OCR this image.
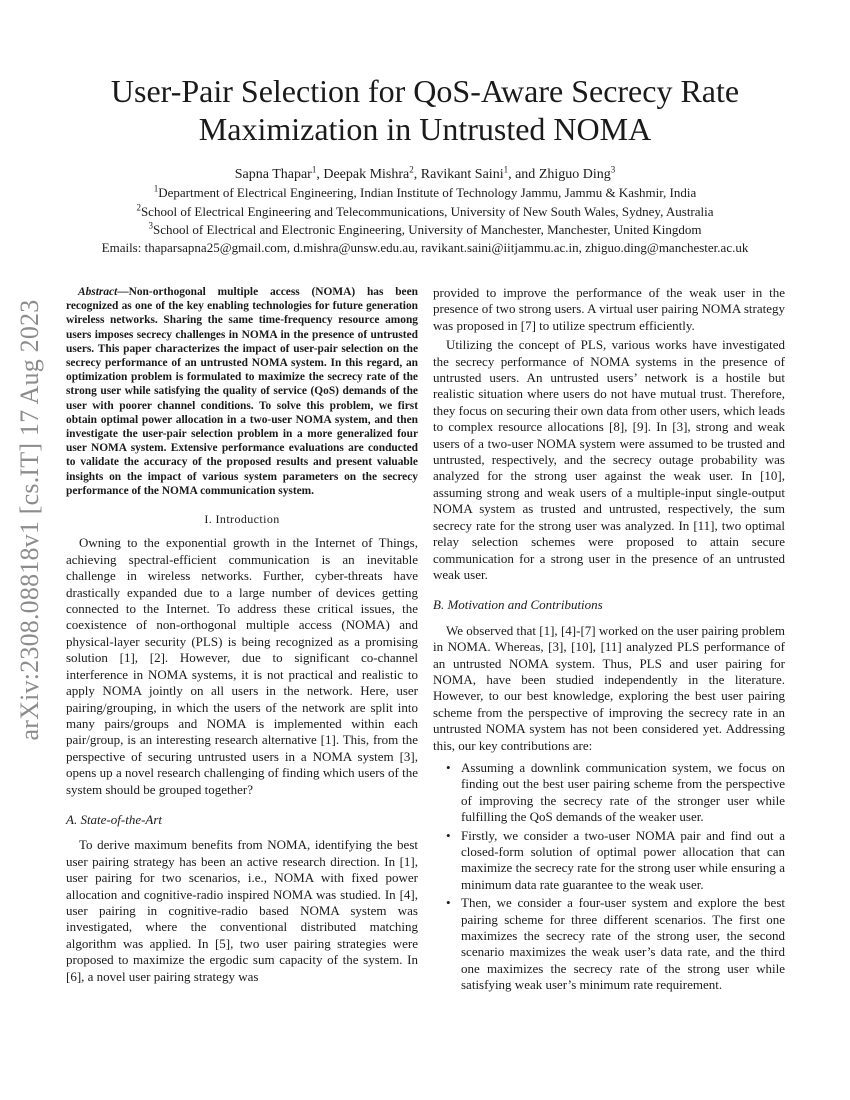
arXiv:2308.08818v1 [cs.IT] 17 Aug 2023
User-Pair Selection for QoS-Aware Secrecy Rate Maximization in Untrusted NOMA
Sapna Thapar$^1$, Deepak Mishra$^2$, Ravikant Saini$^1$, and Zhiguo Ding$^3$
$^1$Department of Electrical Engineering, Indian Institute of Technology Jammu, Jammu & Kashmir, India
$^2$School of Electrical Engineering and Telecommunications, University of New South Wales, Sydney, Australia
$^3$School of Electrical and Electronic Engineering, University of Manchester, Manchester, United Kingdom
Emails: thaparsapna25@gmail.com, d.mishra@unsw.edu.au, ravikant.saini@iitjammu.ac.in, zhiguo.ding@manchester.ac.uk

Abstract—Non-orthogonal multiple access (NOMA) has been recognized as one of the key enabling technologies for future generation wireless networks. Sharing the same time-frequency resource among users imposes secrecy challenges in NOMA in the presence of untrusted users. This paper characterizes the impact of user-pair selection on the secrecy performance of an untrusted NOMA system. In this regard, an optimization problem is formulated to maximize the secrecy rate of the strong user while satisfying the quality of service (QoS) demands of the user with poorer channel conditions. To solve this problem, we first obtain optimal power allocation in a two-user NOMA system, and then investigate the user-pair selection problem in a more generalized four user NOMA system. Extensive performance evaluations are conducted to validate the accuracy of the proposed results and present valuable insights on the impact of various system parameters on the secrecy performance of the NOMA communication system.

I. Introduction

Owning to the exponential growth in the Internet of Things, achieving spectral-efficient communication is an inevitable challenge in wireless networks. Further, cyber-threats have drastically expanded due to a large number of devices getting connected to the Internet. To address these critical issues, the coexistence of non-orthogonal multiple access (NOMA) and physical-layer security (PLS) is being recognized as a promising solution [1], [2]. However, due to significant co-channel interference in NOMA systems, it is not practical and realistic to apply NOMA jointly on all users in the network. Here, user pairing/grouping, in which the users of the network are split into many pairs/groups and NOMA is implemented within each pair/group, is an interesting research alternative [1]. This, from the perspective of securing untrusted users in a NOMA system [3], opens up a novel research challenging of finding which users of the system should be grouped together?

A. State-of-the-Art

To derive maximum benefits from NOMA, identifying the best user pairing strategy has been an active research direction. In [1], user pairing for two scenarios, i.e., NOMA with fixed power allocation and cognitive-radio inspired NOMA was studied. In [4], user pairing in cognitive-radio based NOMA system was investigated, where the conventional distributed matching algorithm was applied. In [5], two user pairing strategies were proposed to maximize the ergodic sum capacity of the system. In [6], a novel user pairing strategy was

provided to improve the performance of the weak user in the presence of two strong users. A virtual user pairing NOMA strategy was proposed in [7] to utilize spectrum efficiently.

Utilizing the concept of PLS, various works have investigated the secrecy performance of NOMA systems in the presence of untrusted users. An untrusted users’ network is a hostile but realistic situation where users do not have mutual trust. Therefore, they focus on securing their own data from other users, which leads to complex resource allocations [8], [9]. In [3], strong and weak users of a two-user NOMA system were assumed to be trusted and untrusted, respectively, and the secrecy outage probability was analyzed for the strong user against the weak user. In [10], assuming strong and weak users of a multiple-input single-output NOMA system as trusted and untrusted, respectively, the sum secrecy rate for the strong user was analyzed. In [11], two optimal relay selection schemes were proposed to attain secure communication for a strong user in the presence of an untrusted weak user.

B. Motivation and Contributions

We observed that [1], [4]-[7] worked on the user pairing problem in NOMA. Whereas, [3], [10], [11] analyzed PLS performance of an untrusted NOMA system. Thus, PLS and user pairing for NOMA, have been studied independently in the literature. However, to our best knowledge, exploring the best user pairing scheme from the perspective of improving the secrecy rate in an untrusted NOMA system has not been considered yet. Addressing this, our key contributions are:

• Assuming a downlink communication system, we focus on finding out the best user pairing scheme from the perspective of improving the secrecy rate of the stronger user while fulfilling the QoS demands of the weaker user.
• Firstly, we consider a two-user NOMA pair and find out a closed-form solution of optimal power allocation that can maximize the secrecy rate for the strong user while ensuring a minimum data rate guarantee to the weak user.
• Then, we consider a four-user system and explore the best pairing scheme for three different scenarios. The first one maximizes the secrecy rate of the strong user, the second scenario maximizes the weak user’s data rate, and the third one maximizes the secrecy rate of the strong user while satisfying weak user’s minimum rate requirement.
